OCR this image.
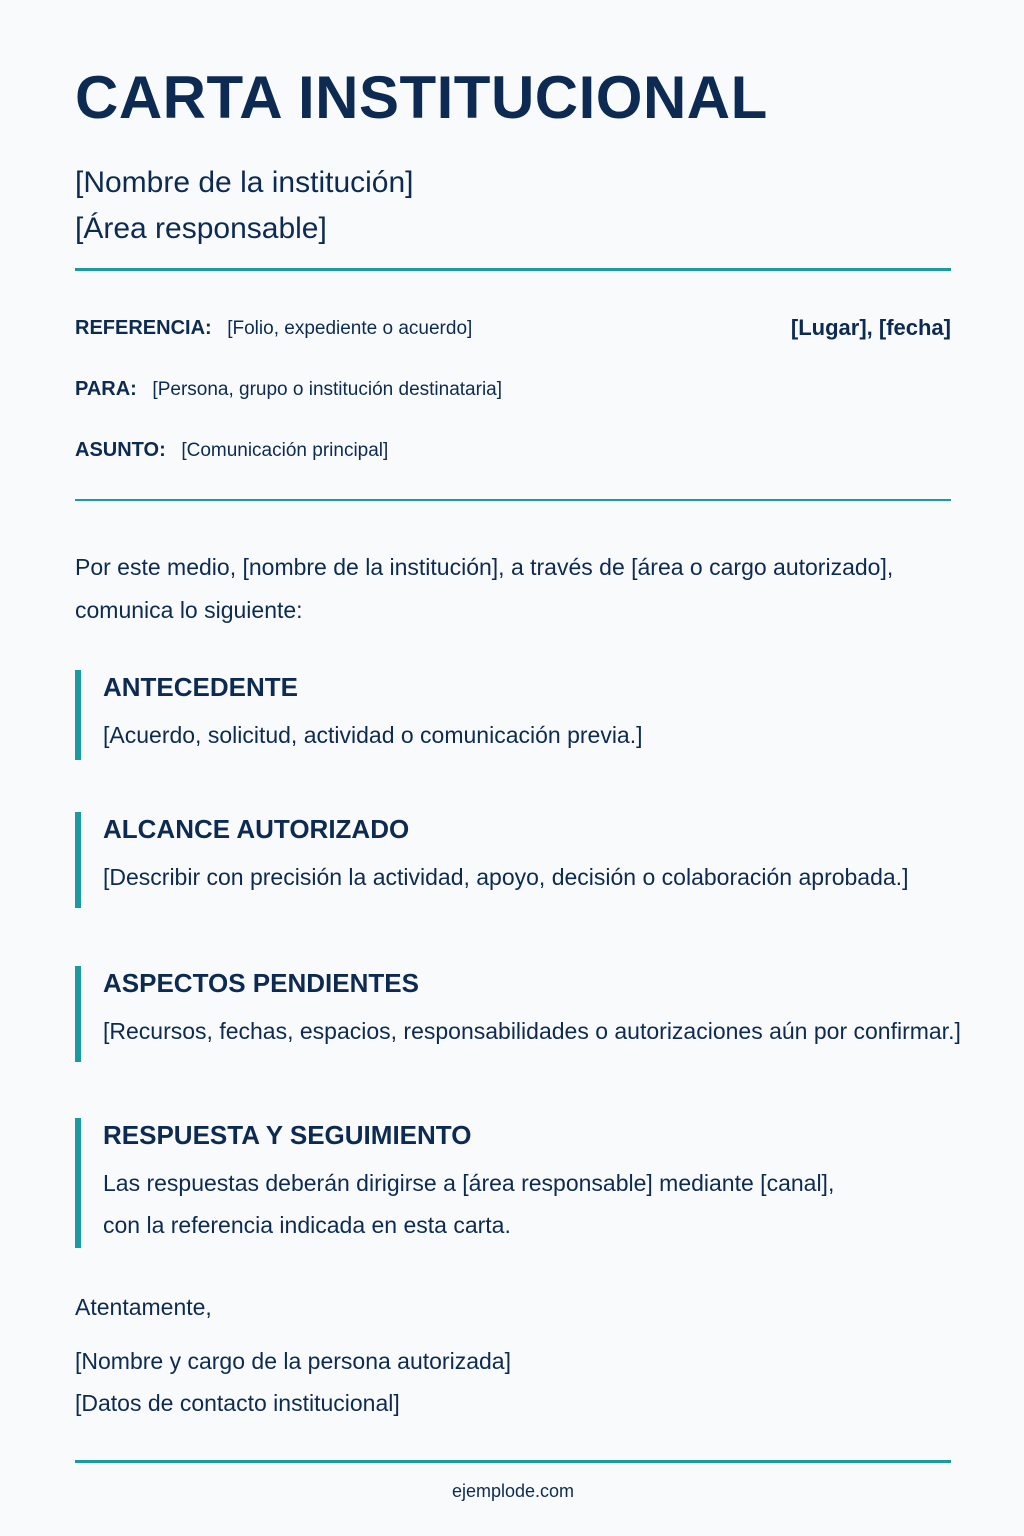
CARTA INSTITUCIONAL
[Nombre de la institución]
[Área responsable]
REFERENCIA: [Folio, expediente o acuerdo]	[Lugar], [fecha]
PARA: [Persona, grupo o institución destinataria]
ASUNTO: [Comunicación principal]
Por este medio, [nombre de la institución], a través de [área o cargo autorizado],
comunica lo siguiente:
ANTECEDENTE
[Acuerdo, solicitud, actividad o comunicación previa.]
ALCANCE AUTORIZADO
[Describir con precisión la actividad, apoyo, decisión o colaboración aprobada.]
ASPECTOS PENDIENTES
[Recursos, fechas, espacios, responsabilidades o autorizaciones aún por confirmar.]
RESPUESTA Y SEGUIMIENTO
Las respuestas deberán dirigirse a [área responsable] mediante [canal],
con la referencia indicada en esta carta.
Atentamente,
[Nombre y cargo de la persona autorizada]
[Datos de contacto institucional]
ejemplode.com
